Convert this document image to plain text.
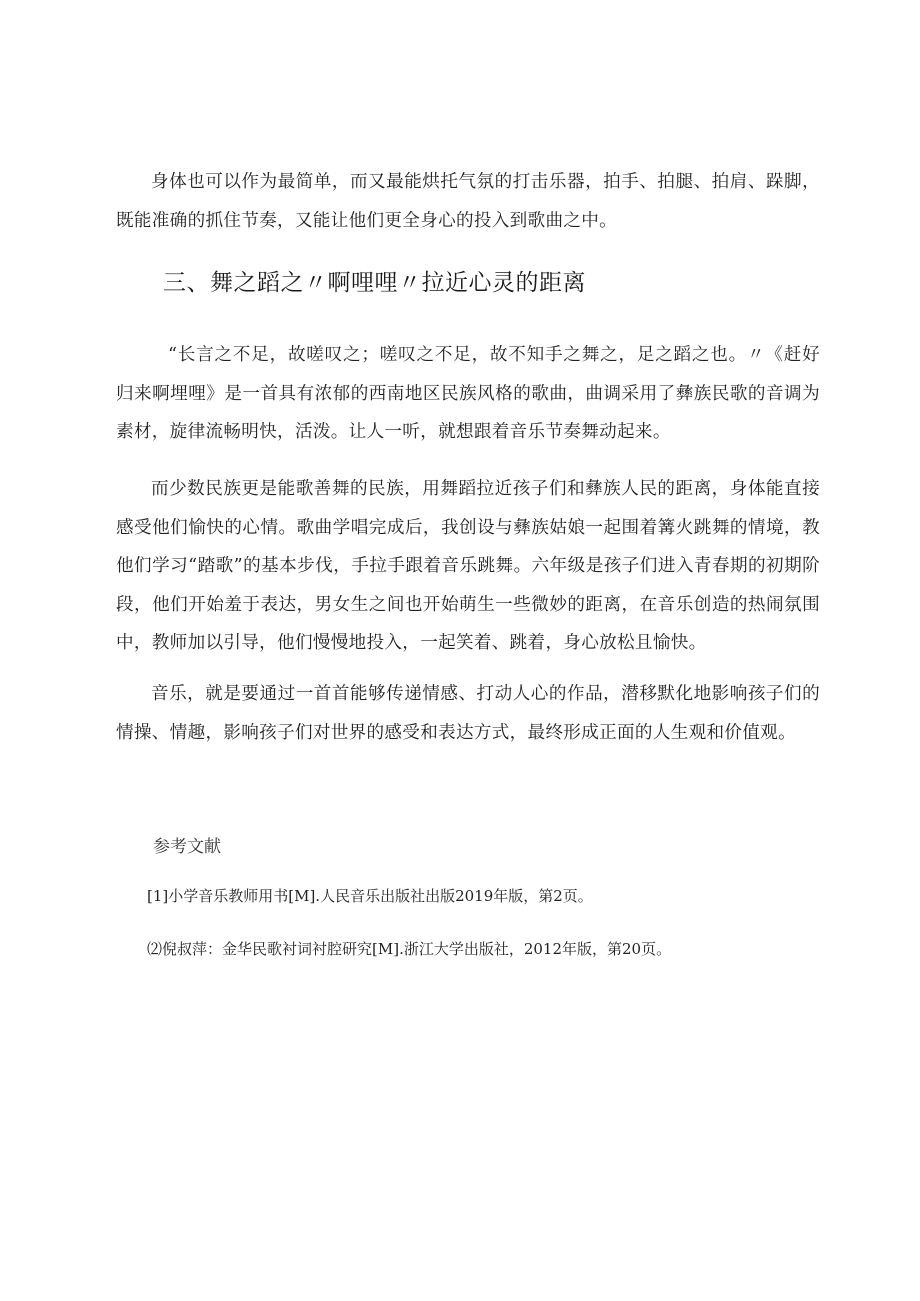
身体也可以作为最简单，而又最能烘托气氛的打击乐器，拍手、拍腿、拍肩、跺脚，既能准确的抓住节奏，又能让他们更全身心的投入到歌曲之中。

三、舞之蹈之〃啊哩哩〃拉近心灵的距离

“长言之不足，故嗟叹之；嗟叹之不足，故不知手之舞之，足之蹈之也。〃《赶好归来啊埋哩》是一首具有浓郁的西南地区民族风格的歌曲，曲调采用了彝族民歌的音调为素材，旋律流畅明快，活泼。让人一听，就想跟着音乐节奏舞动起来。

而少数民族更是能歌善舞的民族，用舞蹈拉近孩子们和彝族人民的距离，身体能直接感受他们愉快的心情。歌曲学唱完成后，我创设与彝族姑娘一起围着篝火跳舞的情境，教他们学习“踏歌”的基本步伐，手拉手跟着音乐跳舞。六年级是孩子们进入青春期的初期阶段，他们开始羞于表达，男女生之间也开始萌生一些微妙的距离，在音乐创造的热闹氛围中，教师加以引导，他们慢慢地投入，一起笑着、跳着，身心放松且愉快。

音乐，就是要通过一首首能够传递情感、打动人心的作品，潜移默化地影响孩子们的情操、情趣，影响孩子们对世界的感受和表达方式，最终形成正面的人生观和价值观。

参考文献

[1]小学音乐教师用书[M].人民音乐出版社出版2019年版，第2页。

⑵倪叔萍：金华民歌衬词衬腔研究[M].浙江大学出版社，2012年版，第20页。
